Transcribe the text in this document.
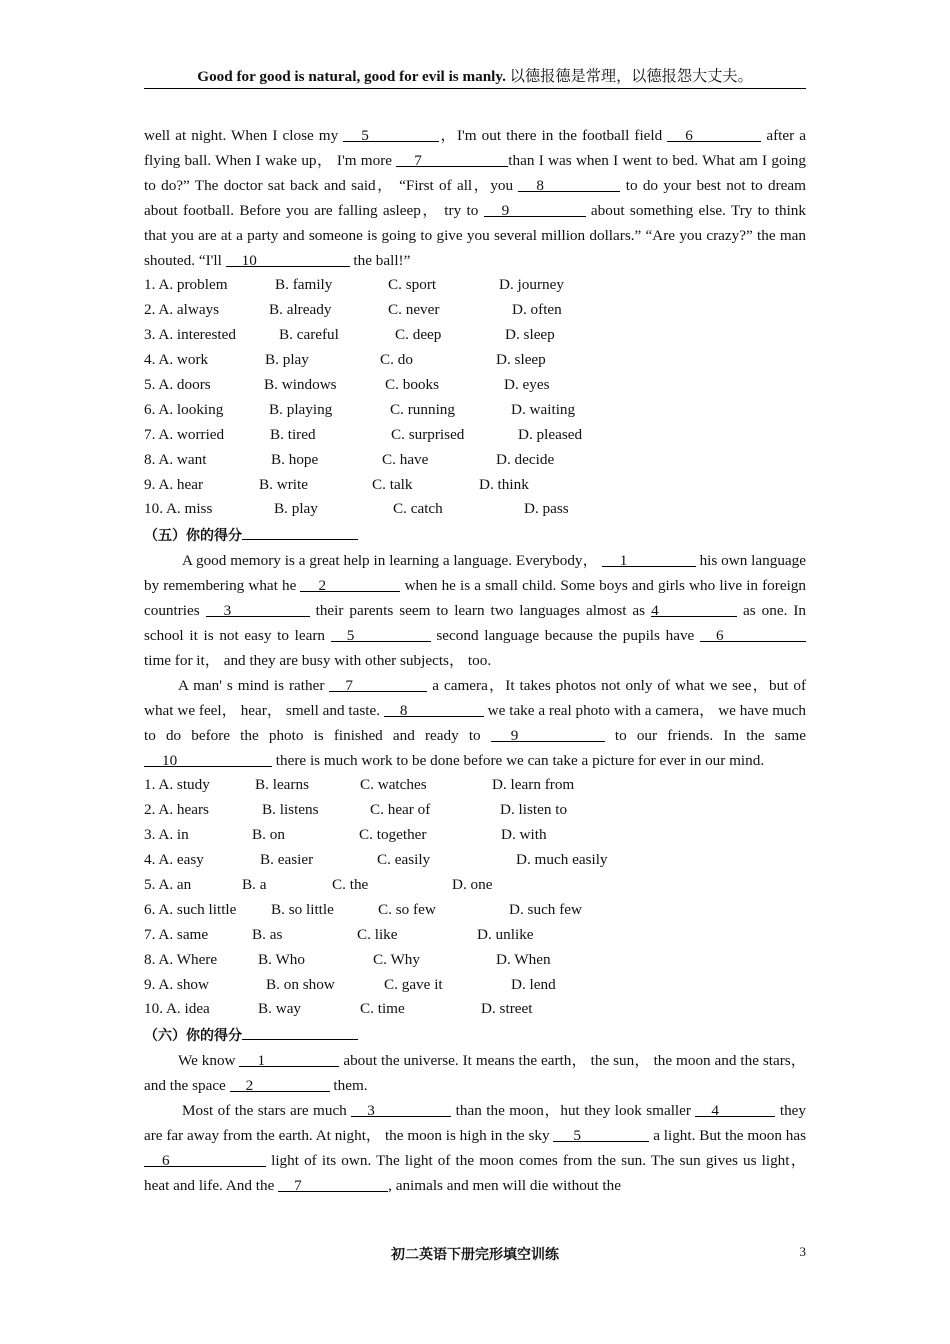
Good for good is natural, good for evil is manly. 以德报德是常理，以德报怨大丈夫。

well at night. When I close my 5	，I'm out there in the football field 6	after a flying ball. When I wake up， I'm more 7	than I was when I went to bed. What am I going to do?” The doctor sat back and said， “First of all，you 8	to do your best not to dream about football. Before you are falling asleep， try to 9	about something else. Try to think that you are at a party and someone is going to give you several million dollars.” “Are you crazy?” the man shouted. “I'll 10	the ball!”

1. A. problem	B. family	C. sport	D. journey
2. A. always	B. already	C. never	D. often
3. A. interested	B. careful	C. deep	D. sleep
4. A. work	B. play	C. do	D. sleep
5. A. doors	B. windows	C. books	D. eyes
6. A. looking	B. playing	C. running	D. waiting
7. A. worried	B. tired	C. surprised	D. pleased
8. A. want	B. hope	C. have	D. decide
9. A. hear	B. write	C. talk	D. think
10. A. miss	B. play	C. catch	D. pass

（五）你的得分

A good memory is a great help in learning a language. Everybody， 1	his own language by remembering what he 2	when he is a small child. Some boys and girls who live in foreign countries 3	their parents seem to learn two languages almost as 4	as one. In school it is not easy to learn 5	second language because the pupils have 6 time for it， and they are busy with other subjects， too.

A man' s mind is rather 7	a camera，It takes photos not only of what we see，but of what we feel， hear， smell and taste. 8	we take a real photo with a camera， we have much to do before the photo is finished and ready to 9	to our friends. In the same 10	there is much work to be done before we can take a picture for ever in our mind.

1. A. study	B. learns	C. watches	D. learn from
2. A. hears	B. listens	C. hear of	D. listen to
3. A. in	B. on	C. together	D. with
4. A. easy	B. easier	C. easily	D. much easily
5. A. an	B. a	C. the	D. one
6. A. such little B. so little	C. so few	D. such few
7. A. same	B. as	C. like	D. unlike
8. A. Where	B. Who	C. Why	D. When
9. A. show	B. on show	C. gave it	D. lend
10. A. idea	B. way	C. time	D. street

（六）你的得分

We know 1	about the universe. It means the earth， the sun， the moon and the stars， and the space 2	them.

Most of the stars are much 3	than the moon，hut they look smaller 4	they are far away from the earth. At night， the moon is high in the sky 5	a light. But the moon has6	light of its own. The light of the moon comes from the sun. The sun gives us light， heat and life. And the 7	, animals and men will die without the

初二英语下册完形填空训练	3
